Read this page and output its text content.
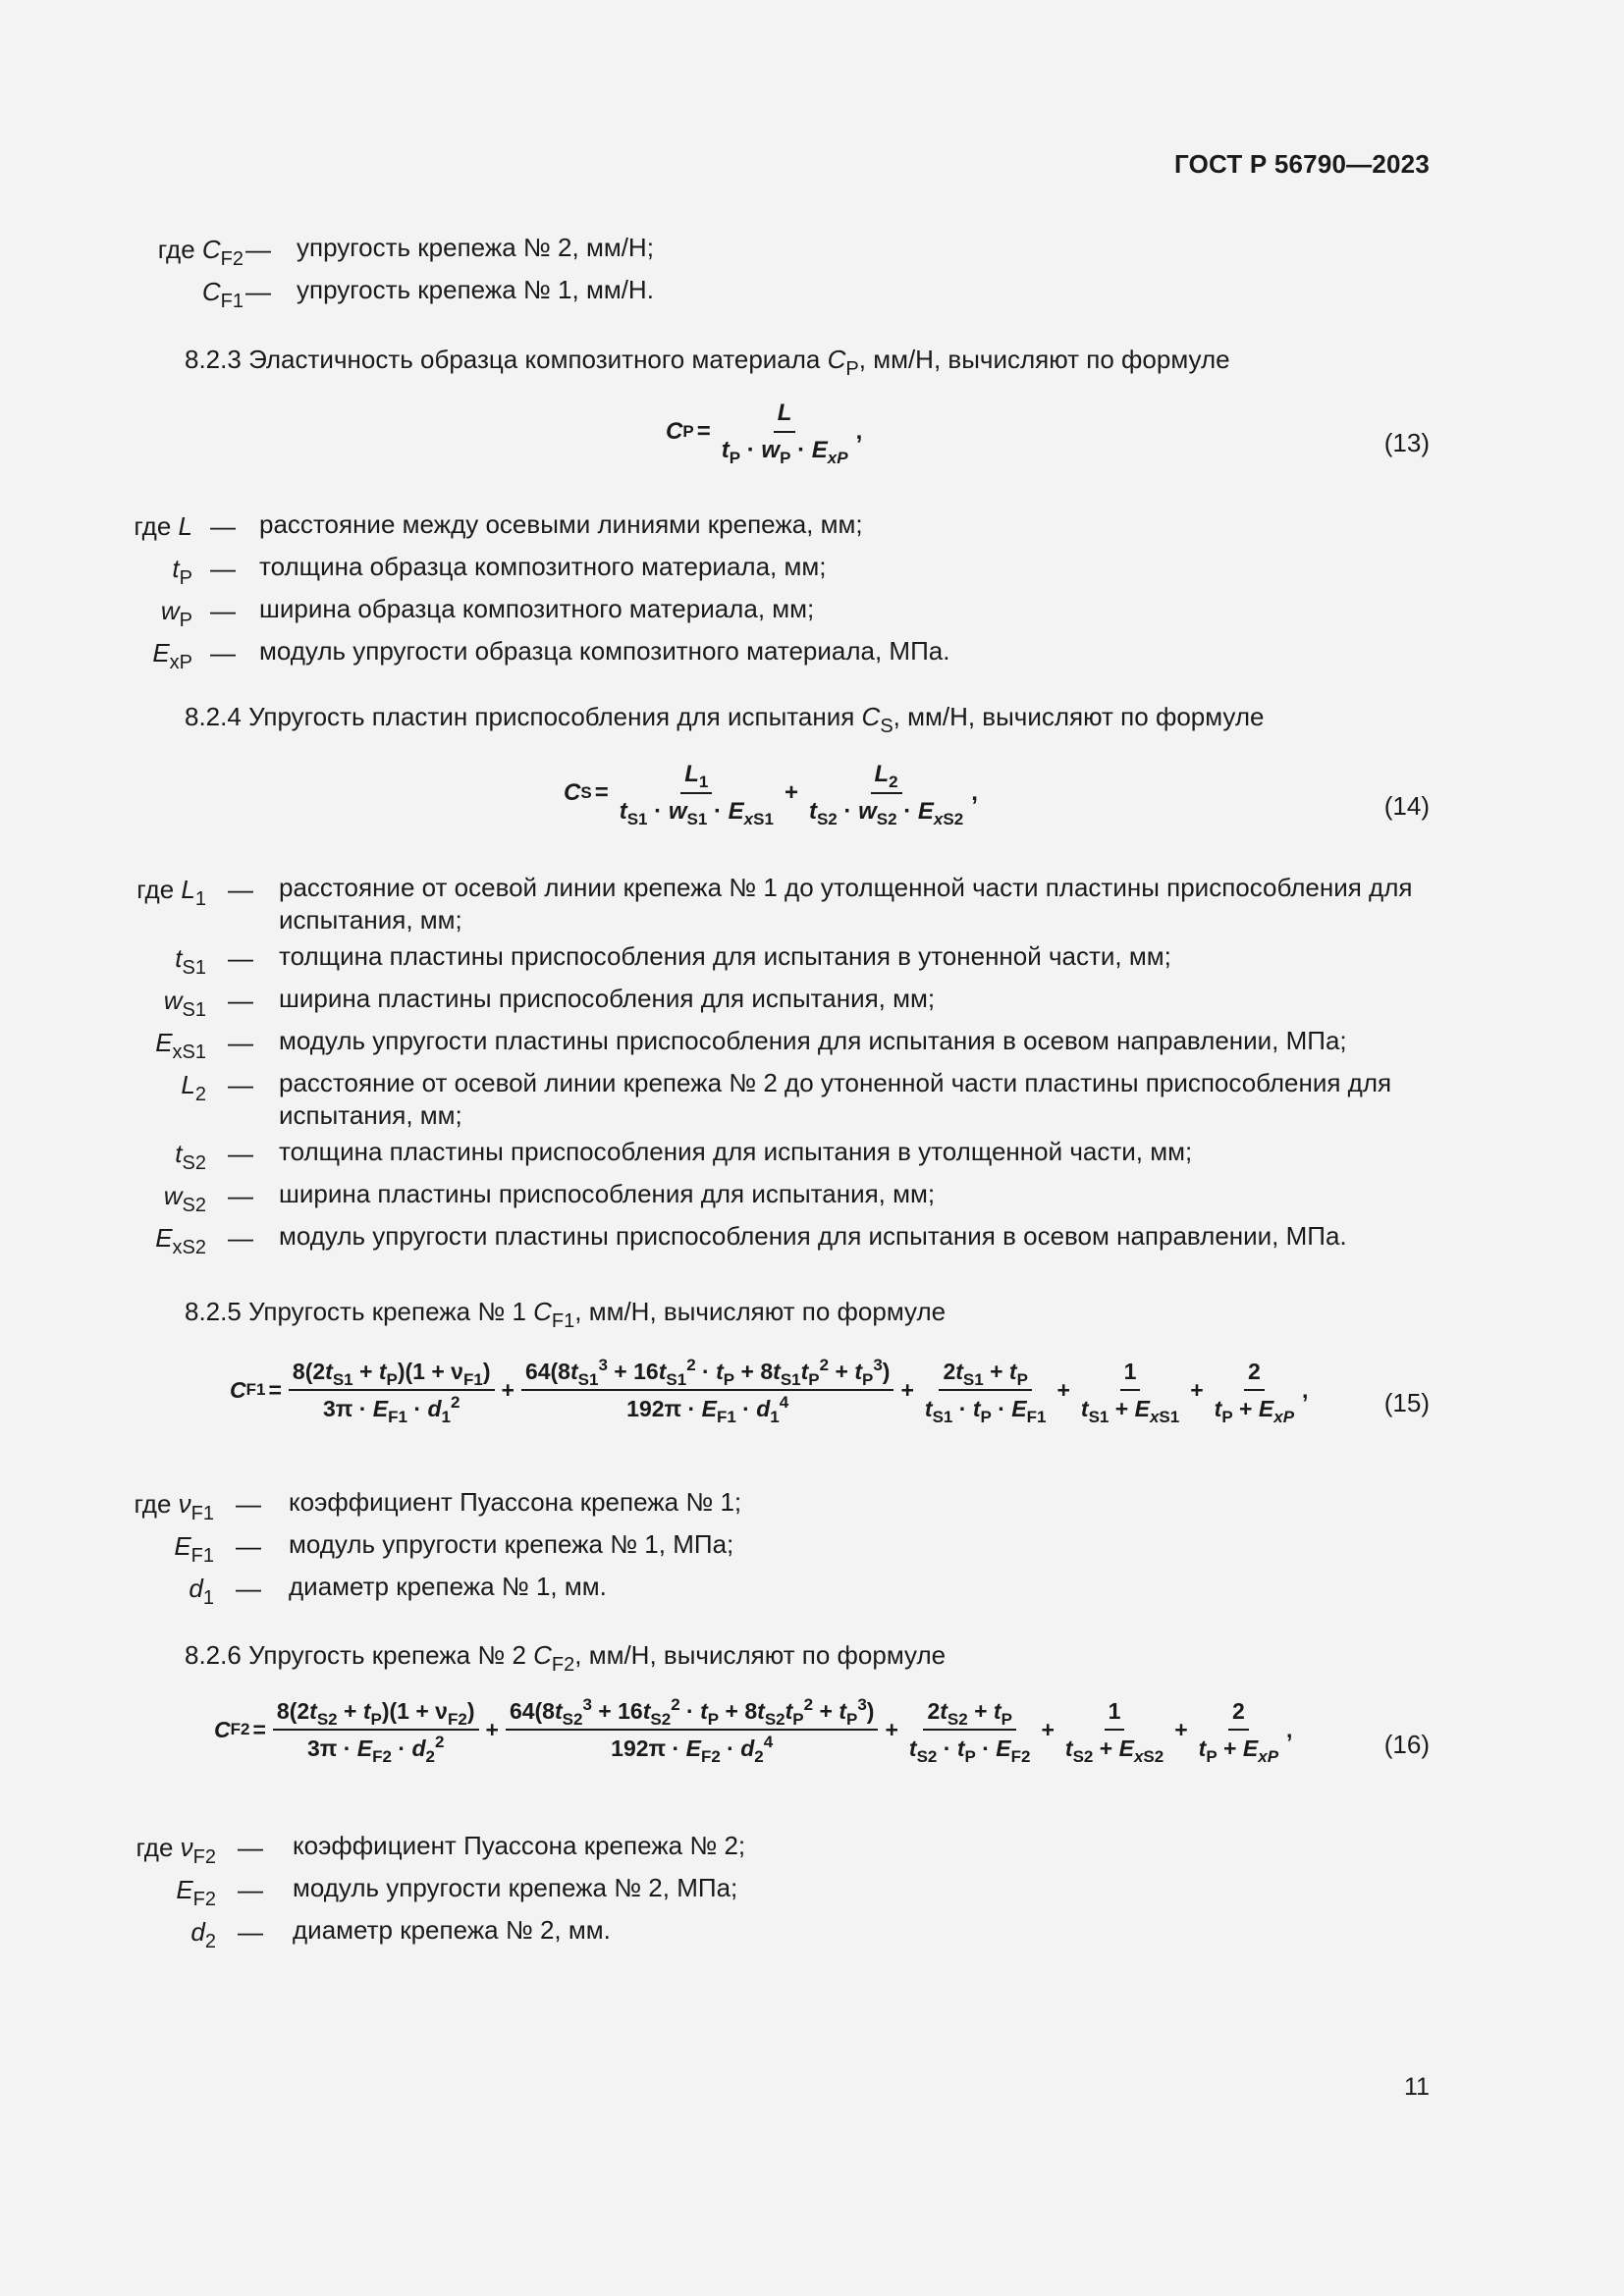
ГОСТ Р 56790—2023
где $C_{F2}$ — упругость крепежа № 2, мм/Н;
$C_{F1}$ — упругость крепежа № 1, мм/Н.
8.2.3 Эластичность образца композитного материала $C_P$, мм/Н, вычисляют по формуле
C $P = \frac{L}{t_P \cdot w_P \cdot E_{xP}}$ ,	(13)
где L — расстояние между осевыми линиями крепежа, мм;
$t_P$ — толщина образца композитного материала, мм;
$w_P$ — ширина образца композитного материала, мм;
$E_{xP}$ — модуль упругости образца композитного материала, МПа.
8.2.4 Упругость пластин приспособления для испытания $C_S$, мм/Н, вычисляют по формуле
C $S = \frac{L_1}{t_{S1} \cdot w_{S1} \cdot E_{xS1}} + \frac{L_2}{t_{S2} \cdot w_{S2} \cdot E_{xS2}}$ ,	(14)
где $L_1$ — расстояние от осевой линии крепежа № 1 до утолщенной части пластины приспособления для испытания, мм;
$t_{S1}$ — толщина пластины приспособления для испытания в утоненной части, мм;
$w_{S1}$ — ширина пластины приспособления для испытания, мм;
$E_{xS1}$ — модуль упругости пластины приспособления для испытания в осевом направлении, МПа;
$L_2$ — расстояние от осевой линии крепежа № 2 до утоненной части пластины приспособления для испытания, мм;
$t_{S2}$ — толщина пластины приспособления для испытания в утолщенной части, мм;
$w_{S2}$ — ширина пластины приспособления для испытания, мм;
$E_{xS2}$ — модуль упругости пластины приспособления для испытания в осевом направлении, МПа.
8.2.5 Упругость крепежа № 1 $C_{F1}$, мм/Н, вычисляют по формуле
C $F1 = \frac{8(2t_{S1} + t_P)(1 + \nu_{F1})}{3\pi \cdot E_{F1} \cdot d_1^2} + \frac{64(8t_{S1}^3 + 16t_{S1}^2 \cdot t_P + 8t_{S1}t_P^2 + t_P^3)}{192\pi \cdot E_{F1} \cdot d_1^4} + \frac{2t_{S1} + t_P}{t_{S1} \cdot t_P \cdot E_{F1}} + \frac{1}{t_{S1} + E_{xS1}} + \frac{2}{t_P + E_{xP}}$ ,	(15)
где $\nu_{F1}$ — коэффициент Пуассона крепежа № 1;
$E_{F1}$ — модуль упругости крепежа № 1, МПа;
$d_1$ — диаметр крепежа № 1, мм.
8.2.6 Упругость крепежа № 2 $C_{F2}$, мм/Н, вычисляют по формуле
C $F2 = \frac{8(2t_{S2} + t_P)(1 + \nu_{F2})}{3\pi \cdot E_{F2} \cdot d_2^2} + \frac{64(8t_{S2}^3 + 16t_{S2}^2 \cdot t_P + 8t_{S2}t_P^2 + t_P^3)}{192\pi \cdot E_{F2} \cdot d_2^4} + \frac{2t_{S2} + t_P}{t_{S2} \cdot t_P \cdot E_{F2}} + \frac{1}{t_{S2} + E_{xS2}} + \frac{2}{t_P + E_{xP}}$ ,
(16)
где $\nu_{F2}$ — коэффициент Пуассона крепежа № 2;
$E_{F2}$ — модуль упругости крепежа № 2, МПа;
$d_2$ — диаметр крепежа № 2, мм.
11
